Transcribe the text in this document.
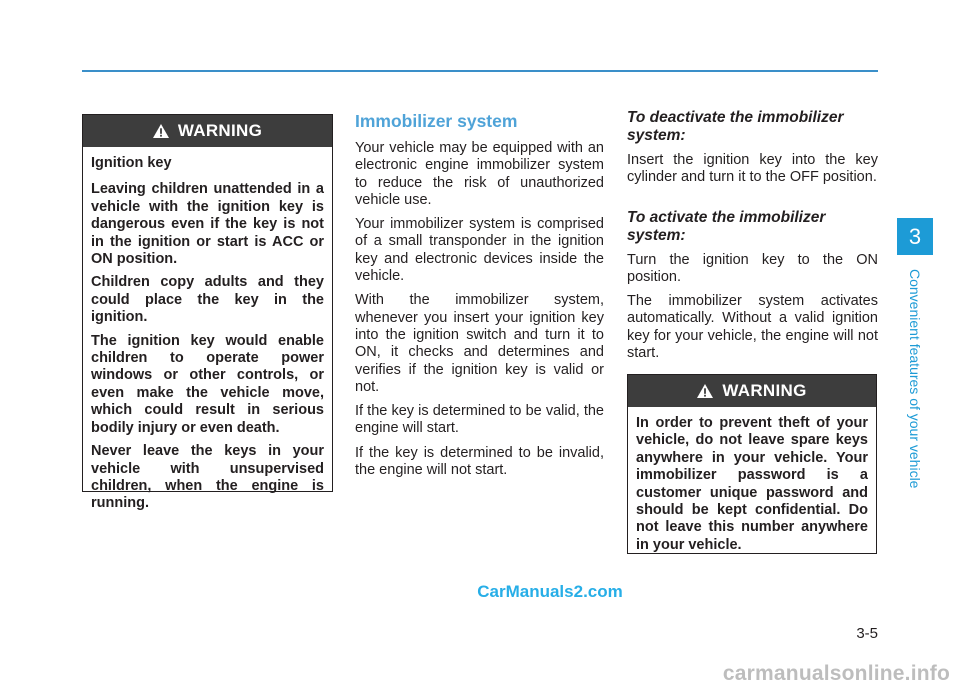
WARNING

Ignition key

Leaving children unattended in a vehicle with the ignition key is dangerous even if the key is not in the ignition or start is ACC or ON position.

Children copy adults and they could place the key in the ignition.

The ignition key would enable children to operate power windows or other controls, or even make the vehicle move, which could result in serious bodily injury or even death.

Never leave the keys in your vehicle with unsupervised children, when the engine is running.

Immobilizer system

Your vehicle may be equipped with an electronic engine immobilizer system to reduce the risk of unauthorized vehicle use.

Your immobilizer system is comprised of a small transponder in the ignition key and electronic devices inside the vehicle.

With the immobilizer system, whenever you insert your ignition key into the ignition switch and turn it to ON, it checks and determines and verifies if the ignition key is valid or not.

If the key is determined to be valid, the engine will start.

If the key is determined to be invalid, the engine will not start.

To deactivate the immobilizer system:

Insert the ignition key into the key cylinder and turn it to the OFF position.

To activate the immobilizer system:

Turn the ignition key to the ON position.

The immobilizer system activates automatically. Without a valid ignition key for your vehicle, the engine will not start.

WARNING

In order to prevent theft of your vehicle, do not leave spare keys anywhere in your vehicle. Your immobilizer password is a customer unique password and should be kept confidential. Do not leave this number anywhere in your vehicle.

3
Convenient features of your vehicle
CarManuals2.com
3-5
carmanualsonline.info
